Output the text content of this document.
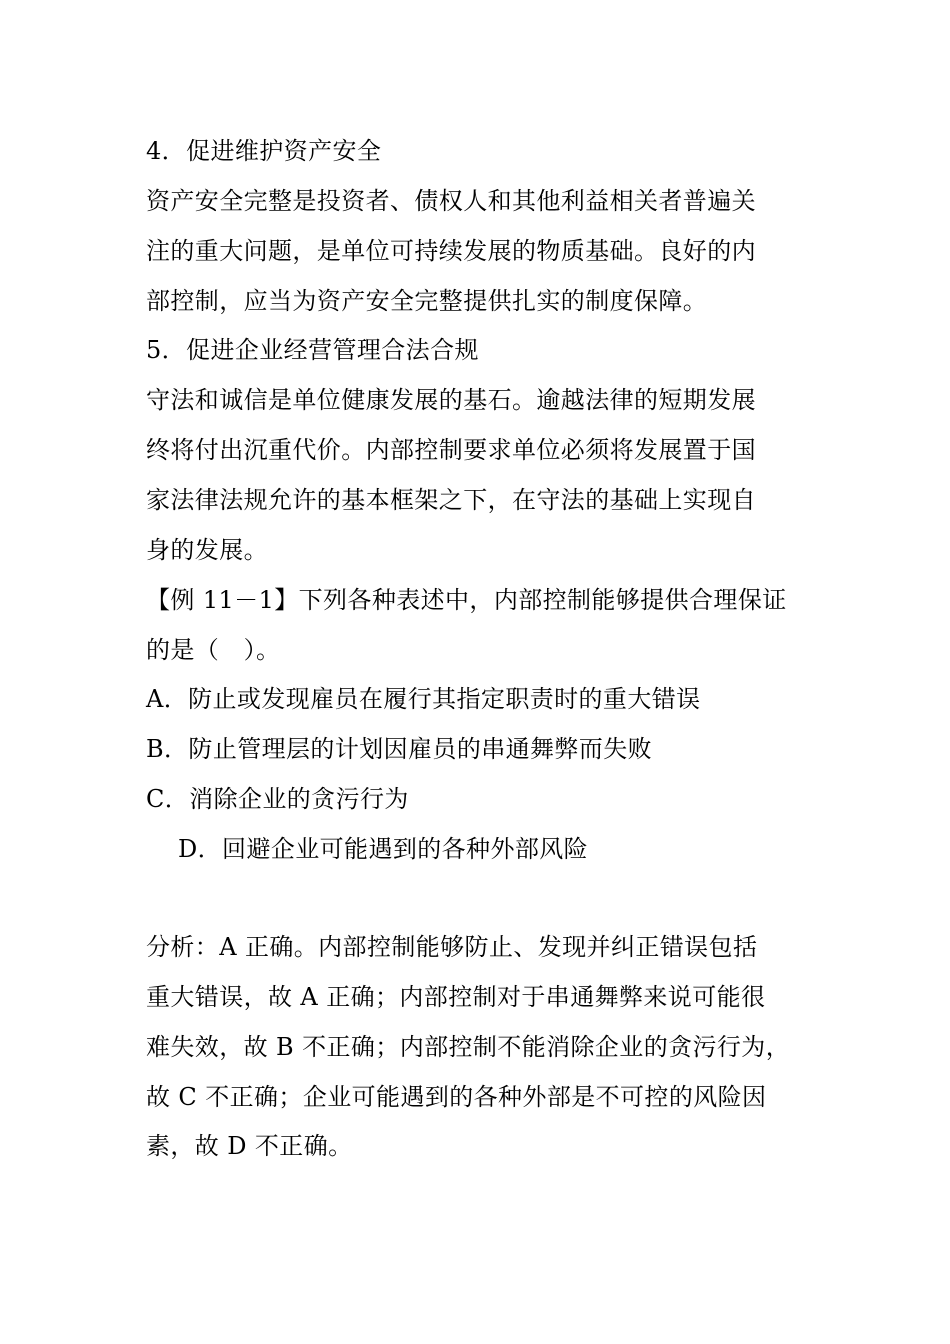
4．促进维护资产安全
资产安全完整是投资者、债权人和其他利益相关者普遍关
注的重大问题，是单位可持续发展的物质基础。良好的内
部控制，应当为资产安全完整提供扎实的制度保障。
5．促进企业经营管理合法合规
守法和诚信是单位健康发展的基石。逾越法律的短期发展
终将付出沉重代价。内部控制要求单位必须将发展置于国
家法律法规允许的基本框架之下，在守法的基础上实现自
身的发展。
【例 11－1】下列各种表述中，内部控制能够提供合理保证
的是（　）。
A．防止或发现雇员在履行其指定职责时的重大错误
B．防止管理层的计划因雇员的串通舞弊而失败
C．消除企业的贪污行为
D．回避企业可能遇到的各种外部风险
分析：A 正确。内部控制能够防止、发现并纠正错误包括
重大错误，故 A 正确；内部控制对于串通舞弊来说可能很
难失效，故 B 不正确；内部控制不能消除企业的贪污行为，
故 C 不正确；企业可能遇到的各种外部是不可控的风险因
素，故 D 不正确。
